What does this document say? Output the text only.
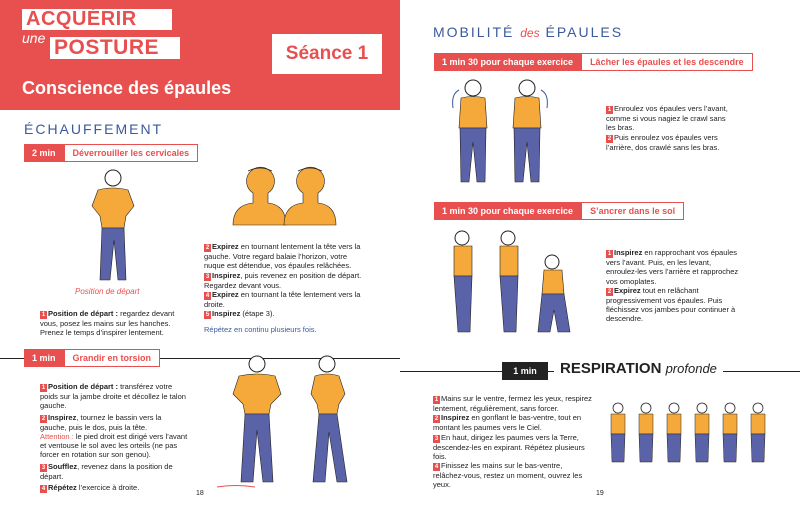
ACQUÉRIR
une POSTURE	Séance 1
Conscience des épaules
ÉCHAUFFEMENT
2 min Déverrouiller les cervicales
Position de départ
1 Position de départ : regardez devant vous, posez les mains sur les hanches. Prenez le temps d’inspirer lentement.
2 Expirez en tournant lentement la tête vers la gauche. Votre regard balaie l’horizon, votre nuque est détendue, vos épaules relâchées.
3 Inspirez, puis revenez en position de départ. Regardez devant vous.
4 Expirez en tournant la tête lentement vers la droite.
5 Inspirez (étape 3).
Répétez en continu plusieurs fois.
1 min Grandir en torsion
1 Position de départ : transférez votre poids sur la jambe droite et décollez le talon gauche.
2 Inspirez, tournez le bassin vers la gauche, puis le dos, puis la tête.
Attention : le pied droit est dirigé vers l’avant et ventouse le sol avec les orteils (ne pas forcer en rotation sur son genou).
3 Soufflez, revenez dans la position de départ.
4 Répétez l’exercice à droite.
18
MOBILITÉ des ÉPAULES
1 min 30 pour chaque exercice Lâcher les épaules et les descendre
1 Enroulez vos épaules vers l’avant, comme si vous nagiez le crawl sans les bras.
2 Puis enroulez vos épaules vers l’arrière, dos crawlé sans les bras.
1 min 30 pour chaque exercice S’ancrer dans le sol
1 Inspirez en rapprochant vos épaules vers l’avant. Puis, en les levant, enroulez-les vers l’arrière et rapprochez vos omoplates.
2 Expirez tout en relâchant progressivement vos épaules. Puis fléchissez vos jambes pour continuer à descendre.
1 min	RESPIRATION profonde
1 Mains sur le ventre, fermez les yeux, respirez lentement, régulièrement, sans forcer.
2 Inspirez en gonflant le bas-ventre, tout en montant les paumes vers le Ciel.
3 En haut, dirigez les paumes vers la Terre, descendez-les en expirant. Répétez plusieurs fois.
4 Finissez les mains sur le bas-ventre, relâchez-vous, restez un moment, ouvrez les yeux.
19
